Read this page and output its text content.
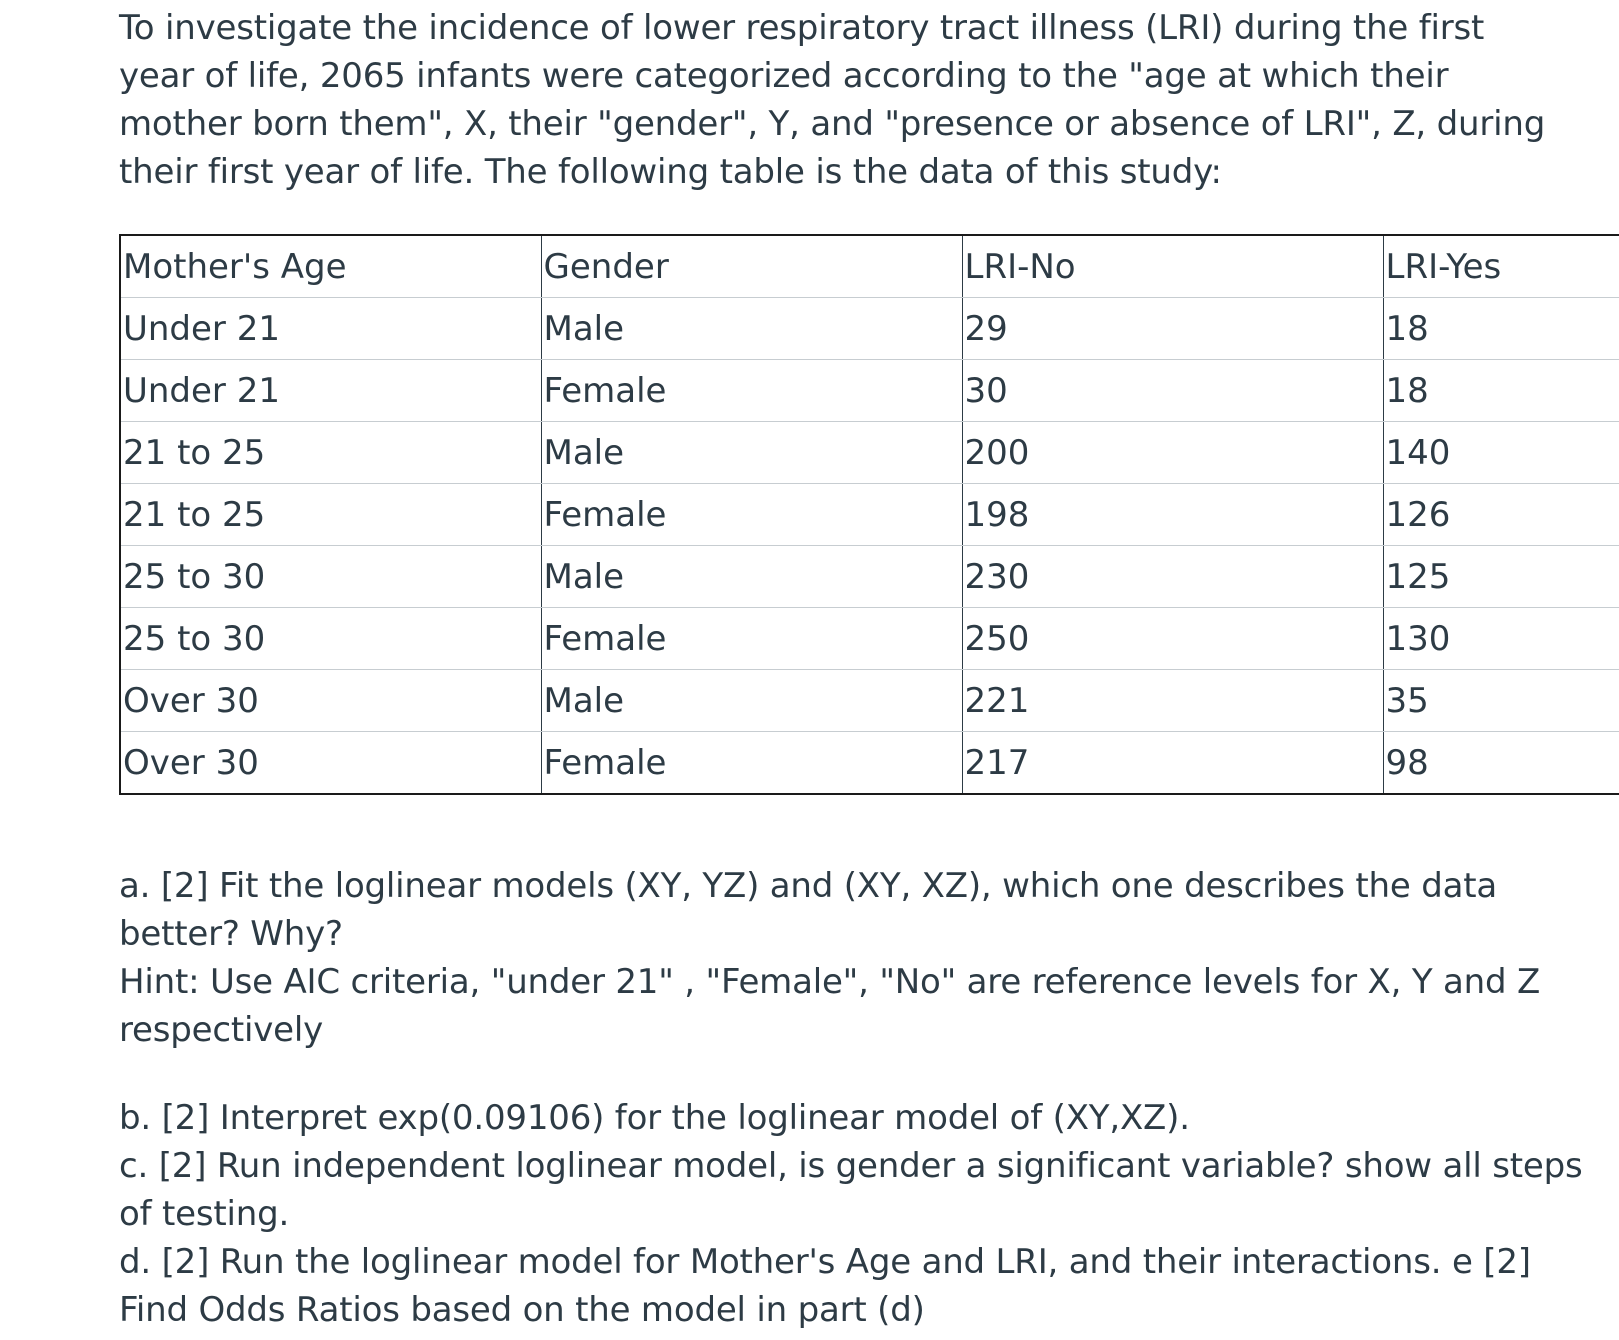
To investigate the incidence of lower respiratory tract illness (LRI) during the first year of life, 2065 infants were categorized according to the "age at which their mother born them", X, their "gender", Y, and "presence or absence of LRI", Z, during their first year of life. The following table is the data of this study:

Mother's Age	Gender	LRI-No	LRI-Yes
Under 21	Male	29	18
Under 21	Female	30	18
21 to 25	Male	200	140
21 to 25	Female	198	126
25 to 30	Male	230	125
25 to 30	Female	250	130
Over 30	Male	221	35
Over 30	Female	217	98

a. [2] Fit the loglinear models (XY, YZ) and (XY, XZ), which one describes the data better? Why?

Hint: Use AIC criteria, "under 21" , "Female", "No" are reference levels for X, Y and Z respectively

b. [2] Interpret exp(0.09106) for the loglinear model of (XY,XZ).

c. [2] Run independent loglinear model, is gender a significant variable? show all steps of testing.

d. [2] Run the loglinear model for Mother's Age and LRI, and their interactions. e [2] Find Odds Ratios based on the model in part (d)
